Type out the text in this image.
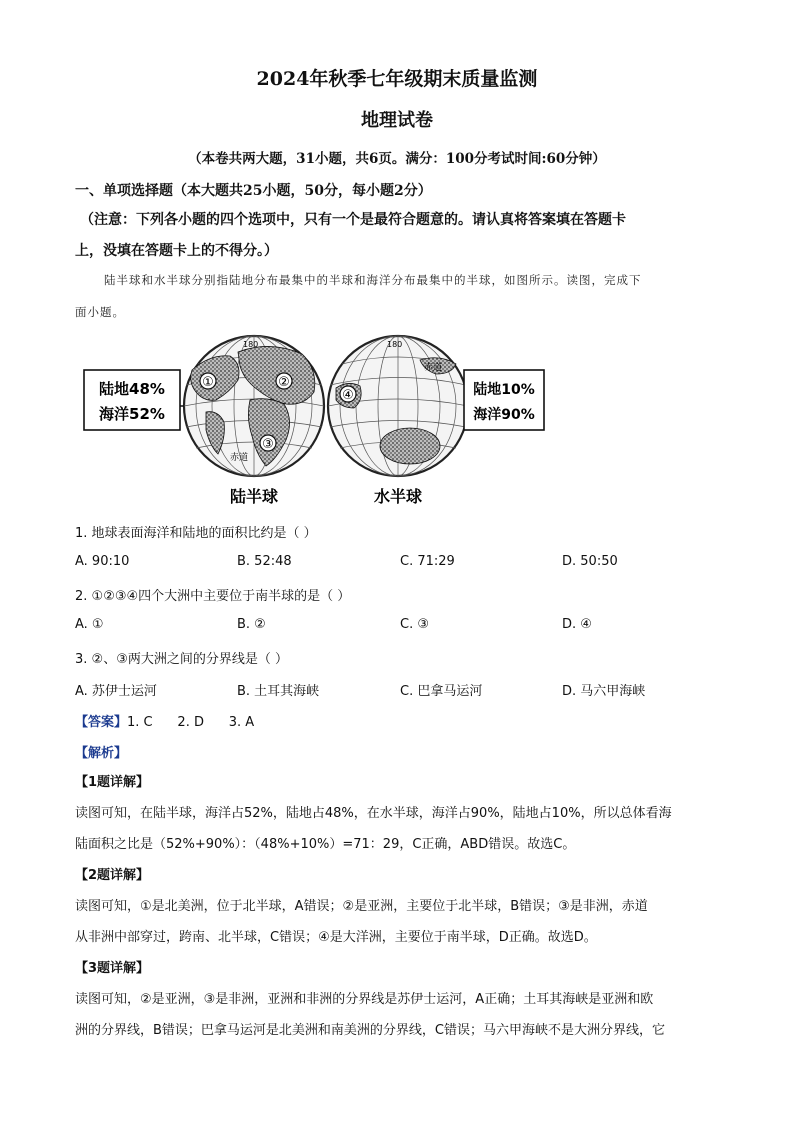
2024年秋季七年级期末质量监测
地理试卷
（本卷共两大题，31小题，共6页。满分：100分考试时间:60分钟）
一、单项选择题（本大题共25小题，50分，每小题2分）
（注意：下列各小题的四个选项中，只有一个是最符合题意的。请认真将答案填在答题卡
上，没填在答题卡上的不得分。）
陆半球和水半球分别指陆地分布最集中的半球和海洋分布最集中的半球，如图所示。读图，完成下
面小题。
①	②
③
180
赤道
陆地48%
海洋52%
陆半球
④
180
赤道
陆地10%
海洋90%
水半球
1. 地球表面海洋和陆地的面积比约是（ ）
A. 90:10	B. 52:48	C. 71:29	D. 50:50
2. ①②③④四个大洲中主要位于南半球的是（ ）
A. ①	B. ②	C. ③	D. ④
3. ②、③两大洲之间的分界线是（ ）
A. 苏伊士运河	B. 土耳其海峡	C. 巴拿马运河	D. 马六甲海峡
【答案】1. C      2. D      3. A
【解析】
【1题详解】
读图可知，在陆半球，海洋占52%，陆地占48%，在水半球，海洋占90%，陆地占10%，所以总体看海
陆面积之比是（52%+90%）：（48%+10%）=71：29，C正确，ABD错误。故选C。
【2题详解】
读图可知，①是北美洲，位于北半球，A错误；②是亚洲，主要位于北半球，B错误；③是非洲，赤道
从非洲中部穿过，跨南、北半球，C错误；④是大洋洲，主要位于南半球，D正确。故选D。
【3题详解】
读图可知，②是亚洲，③是非洲，亚洲和非洲的分界线是苏伊士运河，A正确；土耳其海峡是亚洲和欧
洲的分界线，B错误；巴拿马运河是北美洲和南美洲的分界线，C错误；马六甲海峡不是大洲分界线，它
